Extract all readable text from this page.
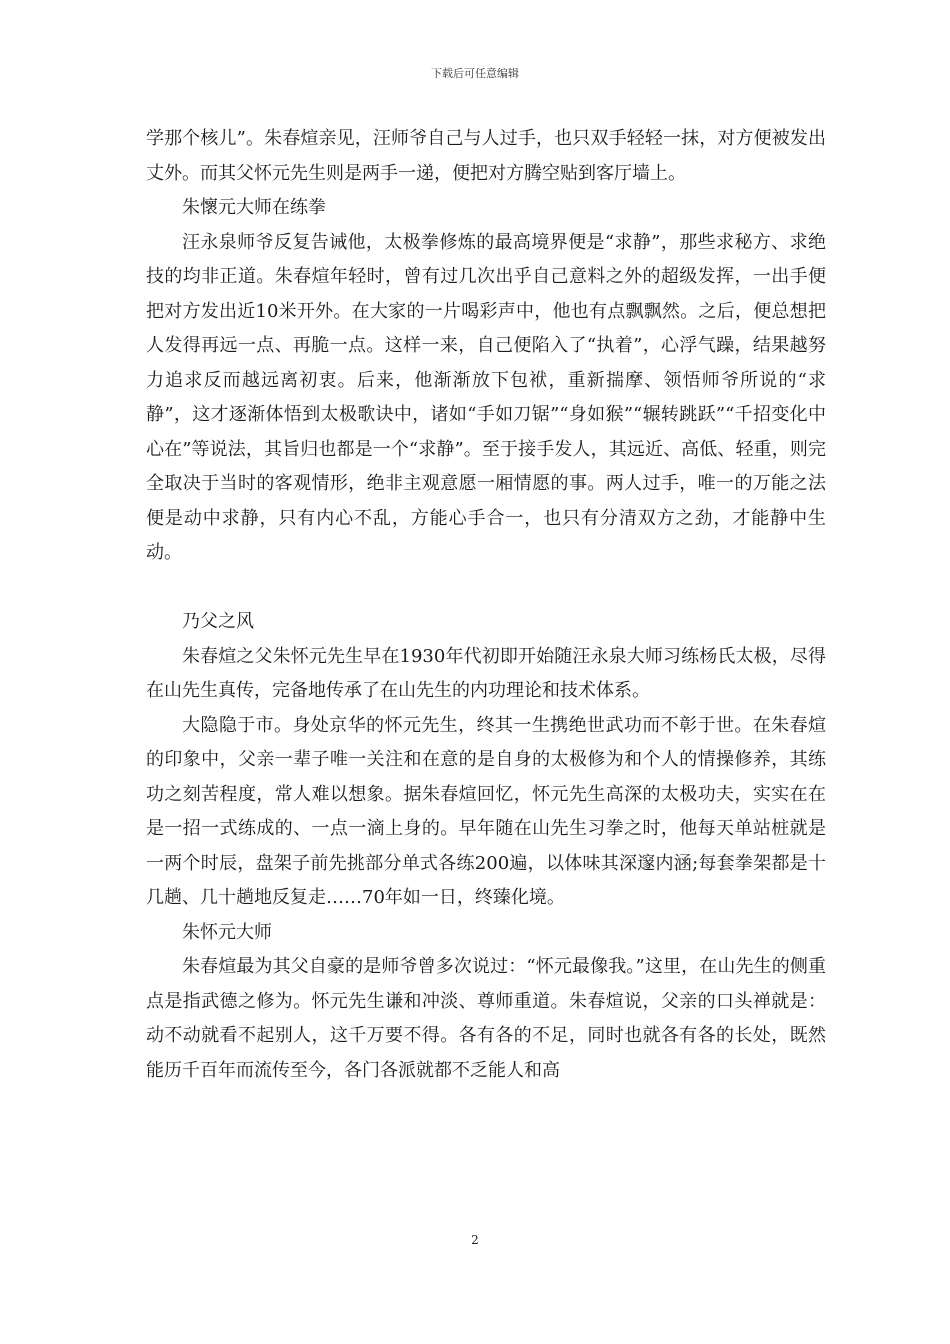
下载后可任意编辑

学那个核儿”。朱春煊亲见，汪师爷自己与人过手，也只双手轻轻一抹，对方便被发出丈外。而其父怀元先生则是两手一递，便把对方腾空贴到客厅墙上。

朱懷元大师在练拳

汪永泉师爷反复告诫他，太极拳修炼的最高境界便是“求静”，那些求秘方、求绝技的均非正道。朱春煊年轻时，曾有过几次出乎自己意料之外的超级发挥，一出手便把对方发出近10米开外。在大家的一片喝彩声中，他也有点飘飘然。之后，便总想把人发得再远一点、再脆一点。这样一来，自己便陷入了“执着”，心浮气躁，结果越努力追求反而越远离初衷。后来，他渐渐放下包袱，重新揣摩、领悟师爷所说的“求静”，这才逐渐体悟到太极歌诀中，诸如“手如刀锯”“身如猴”“辗转跳跃”“千招变化中心在”等说法，其旨归也都是一个“求静”。至于接手发人，其远近、高低、轻重，则完全取决于当时的客观情形，绝非主观意愿一厢情愿的事。两人过手，唯一的万能之法便是动中求静，只有内心不乱，方能心手合一，也只有分清双方之劲，才能静中生动。

乃父之风

朱春煊之父朱怀元先生早在1930年代初即开始随汪永泉大师习练杨氏太极，尽得在山先生真传，完备地传承了在山先生的内功理论和技术体系。

大隐隐于市。身处京华的怀元先生，终其一生携绝世武功而不彰于世。在朱春煊的印象中，父亲一辈子唯一关注和在意的是自身的太极修为和个人的情操修养，其练功之刻苦程度，常人难以想象。据朱春煊回忆，怀元先生高深的太极功夫，实实在在是一招一式练成的、一点一滴上身的。早年随在山先生习拳之时，他每天单站桩就是一两个时辰，盘架子前先挑部分单式各练200遍，以体味其深邃内涵;每套拳架都是十几趟、几十趟地反复走……70年如一日，终臻化境。

朱怀元大师

朱春煊最为其父自豪的是师爷曾多次说过：“怀元最像我。”这里，在山先生的侧重点是指武德之修为。怀元先生谦和冲淡、尊师重道。朱春煊说，父亲的口头禅就是：动不动就看不起别人，这千万要不得。各有各的不足，同时也就各有各的长处，既然能历千百年而流传至今，各门各派就都不乏能人和高

2
